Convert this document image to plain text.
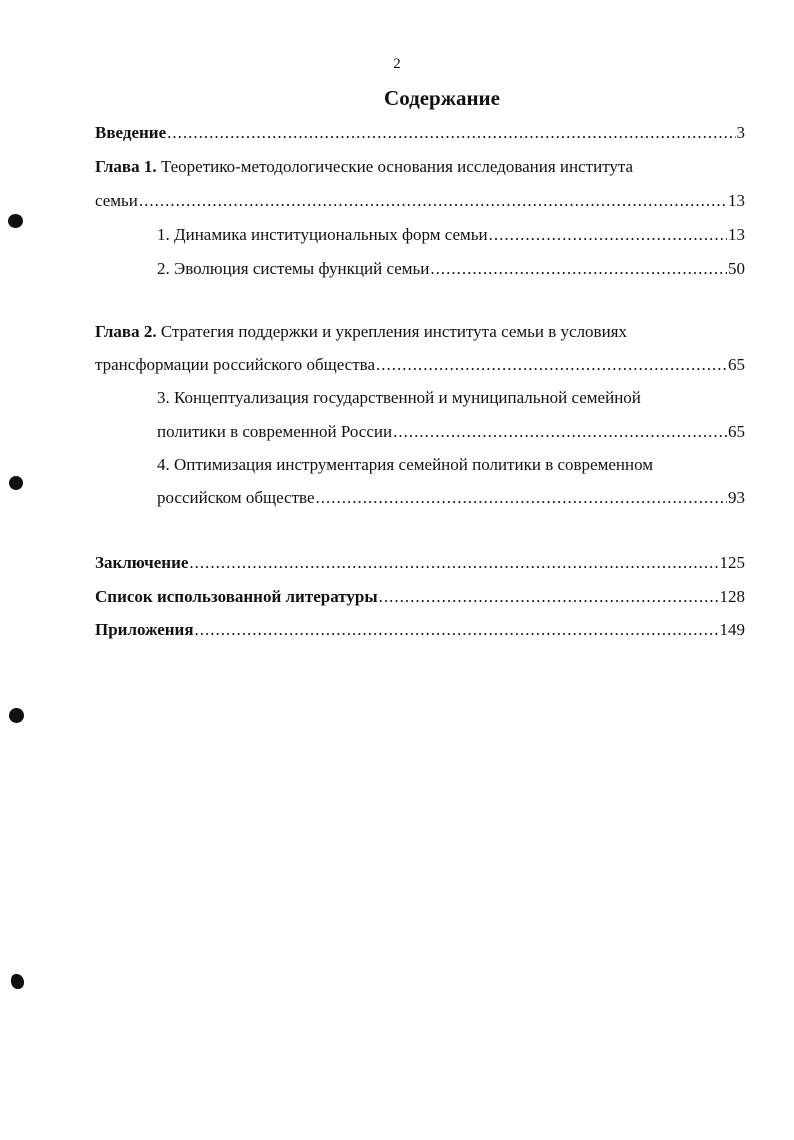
2
Содержание
Введение .....	3
Глава 1. Теоретико-методологические основания исследования института
семьи .....	13
1. Динамика институциональных форм семьи .....	13
2. Эволюция системы функций семьи .....	50
Глава 2. Стратегия поддержки и укрепления института семьи в условиях
трансформации российского общества .....	65
3. Концептуализация государственной и муниципальной семейной
политики в современной России .....	65
4. Оптимизация инструментария семейной политики в современном
российском обществе .....	93
Заключение .....	125
Список использованной литературы .....	128
Приложения .....	149
